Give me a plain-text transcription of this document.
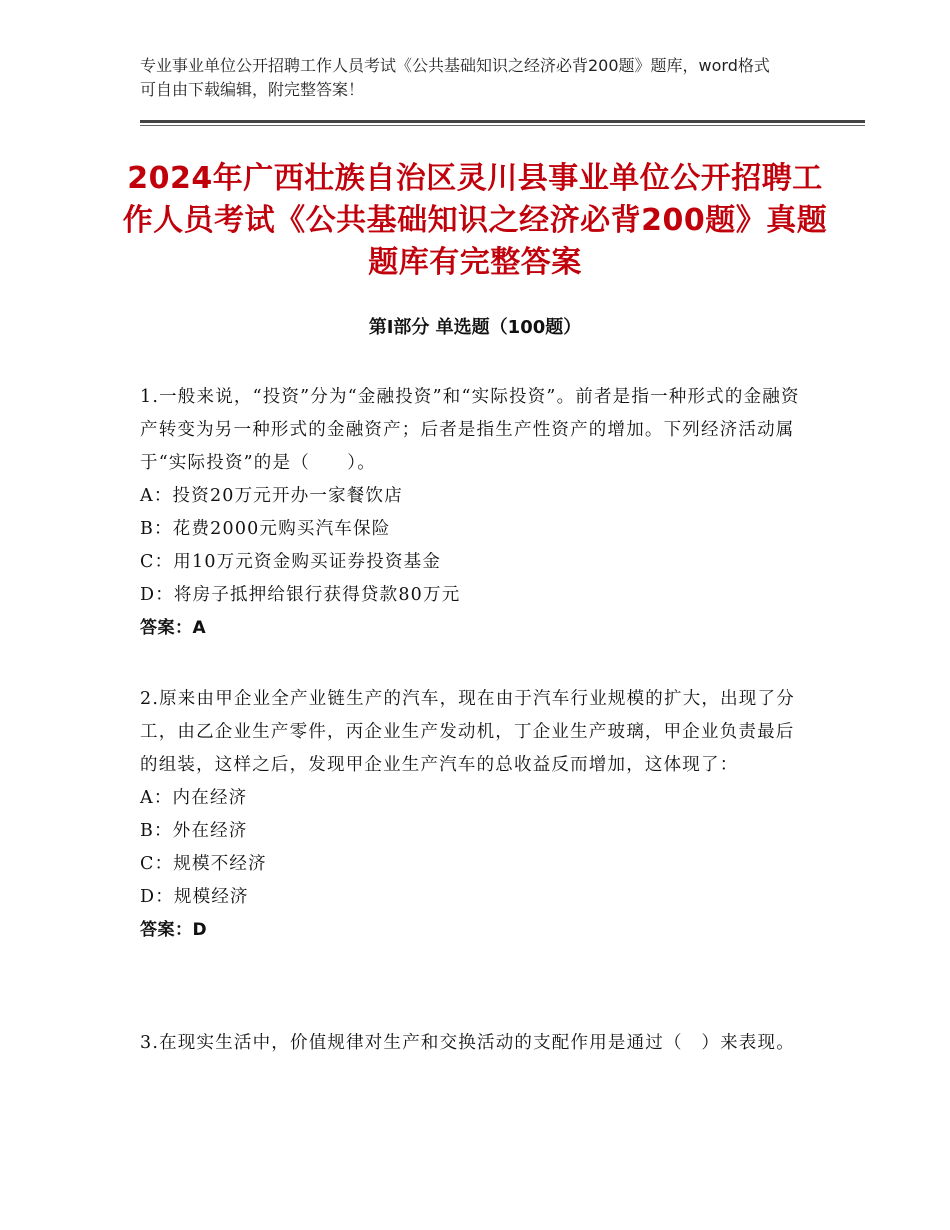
专业事业单位公开招聘工作人员考试《公共基础知识之经济必背200题》题库，word格式可自由下载编辑，附完整答案！
2024年广西壮族自治区灵川县事业单位公开招聘工作人员考试《公共基础知识之经济必背200题》真题题库有完整答案
第Ⅰ部分 单选题（100题）

1.一般来说，“投资”分为“金融投资”和“实际投资”。前者是指一种形式的金融资产转变为另一种形式的金融资产；后者是指生产性资产的增加。下列经济活动属于“实际投资”的是（　　）。

A：投资20万元开办一家餐饮店

B：花费2000元购买汽车保险

C：用10万元资金购买证券投资基金

D：将房子抵押给银行获得贷款80万元

答案：A

2.原来由甲企业全产业链生产的汽车，现在由于汽车行业规模的扩大，出现了分工，由乙企业生产零件，丙企业生产发动机，丁企业生产玻璃，甲企业负责最后的组装，这样之后，发现甲企业生产汽车的总收益反而增加，这体现了：

A：内在经济

B：外在经济

C：规模不经济

D：规模经济

答案：D

3.在现实生活中，价值规律对生产和交换活动的支配作用是通过（　）来表现。
